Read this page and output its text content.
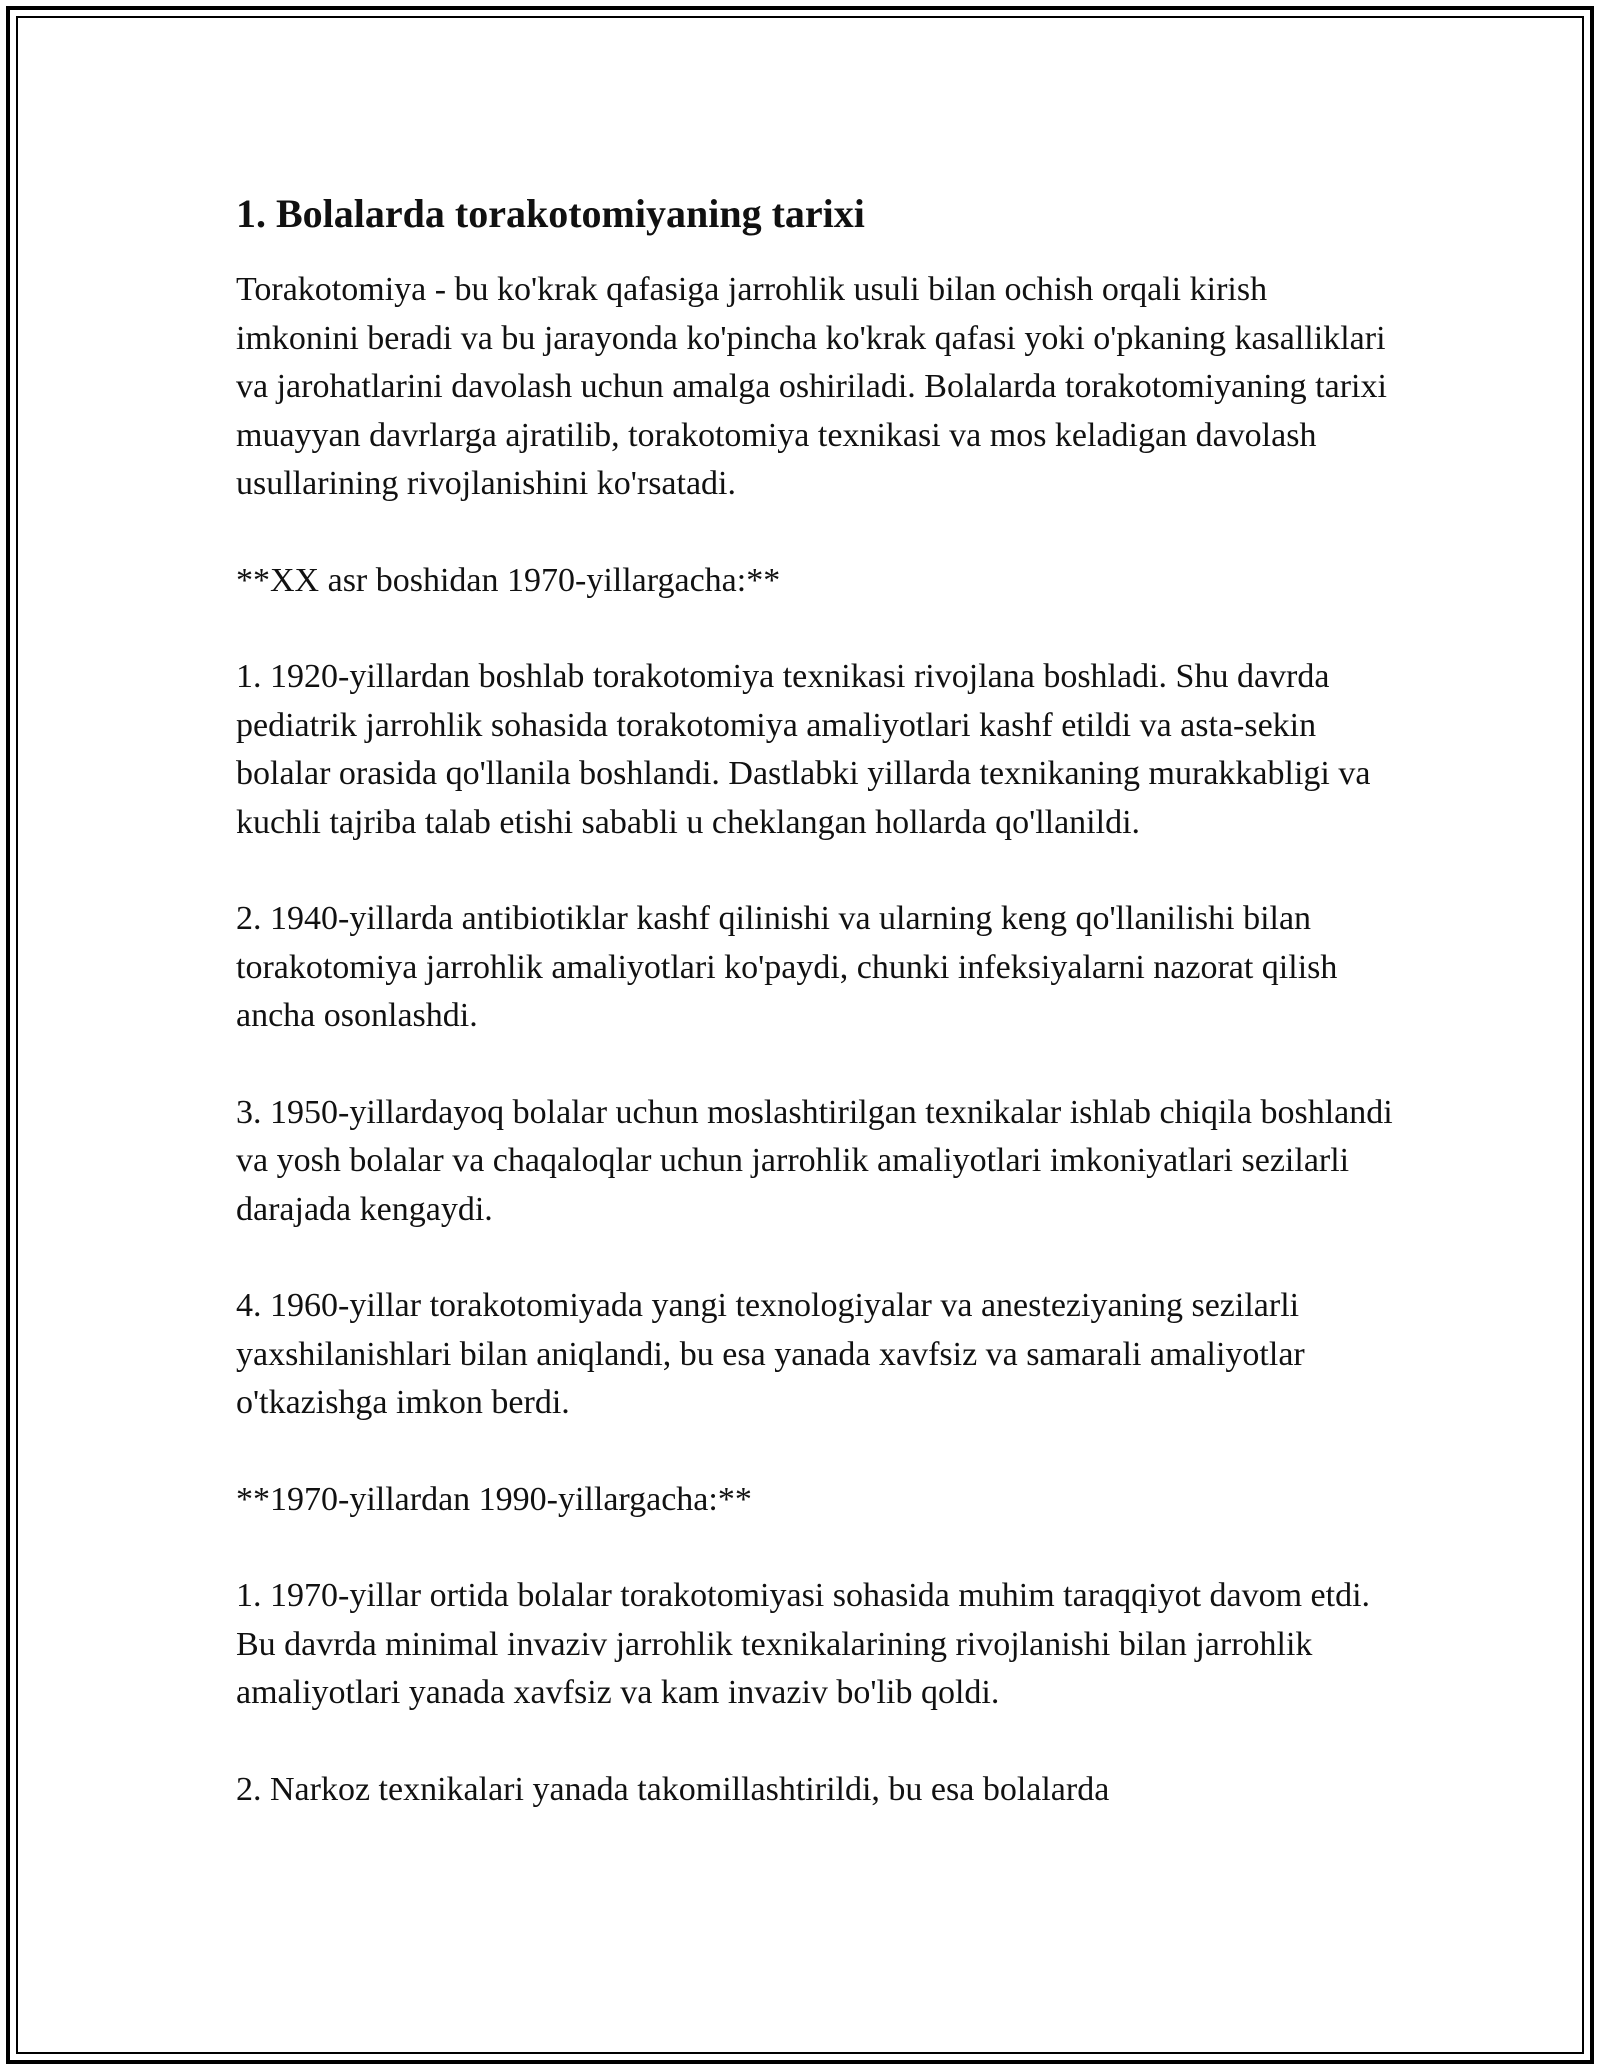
1. Bolalarda torakotomiyaning tarixi

Torakotomiya - bu ko'krak qafasiga jarrohlik usuli bilan ochish orqali kirish imkonini beradi va bu jarayonda ko'pincha ko'krak qafasi yoki o'pkaning kasalliklari va jarohatlarini davolash uchun amalga oshiriladi. Bolalarda torakotomiyaning tarixi muayyan davrlarga ajratilib, torakotomiya texnikasi va mos keladigan davolash usullarining rivojlanishini ko'rsatadi.

**XX asr boshidan 1970-yillargacha:**

1. 1920-yillardan boshlab torakotomiya texnikasi rivojlana boshladi. Shu davrda pediatrik jarrohlik sohasida torakotomiya amaliyotlari kashf etildi va asta-sekin bolalar orasida qo'llanila boshlandi. Dastlabki yillarda texnikaning murakkabligi va kuchli tajriba talab etishi sababli u cheklangan hollarda qo'llanildi.

2. 1940-yillarda antibiotiklar kashf qilinishi va ularning keng qo'llanilishi bilan torakotomiya jarrohlik amaliyotlari ko'paydi, chunki infeksiyalarni nazorat qilish ancha osonlashdi.

3. 1950-yillardayoq bolalar uchun moslashtirilgan texnikalar ishlab chiqila boshlandi va yosh bolalar va chaqaloqlar uchun jarrohlik amaliyotlari imkoniyatlari sezilarli darajada kengaydi.

4. 1960-yillar torakotomiyada yangi texnologiyalar va anesteziyaning sezilarli yaxshilanishlari bilan aniqlandi, bu esa yanada xavfsiz va samarali amaliyotlar o'tkazishga imkon berdi.

**1970-yillardan 1990-yillargacha:**

1. 1970-yillar ortida bolalar torakotomiyasi sohasida muhim taraqqiyot davom etdi. Bu davrda minimal invaziv jarrohlik texnikalarining rivojlanishi bilan jarrohlik amaliyotlari yanada xavfsiz va kam invaziv bo'lib qoldi.

2. Narkoz texnikalari yanada takomillashtirildi, bu esa bolalarda
